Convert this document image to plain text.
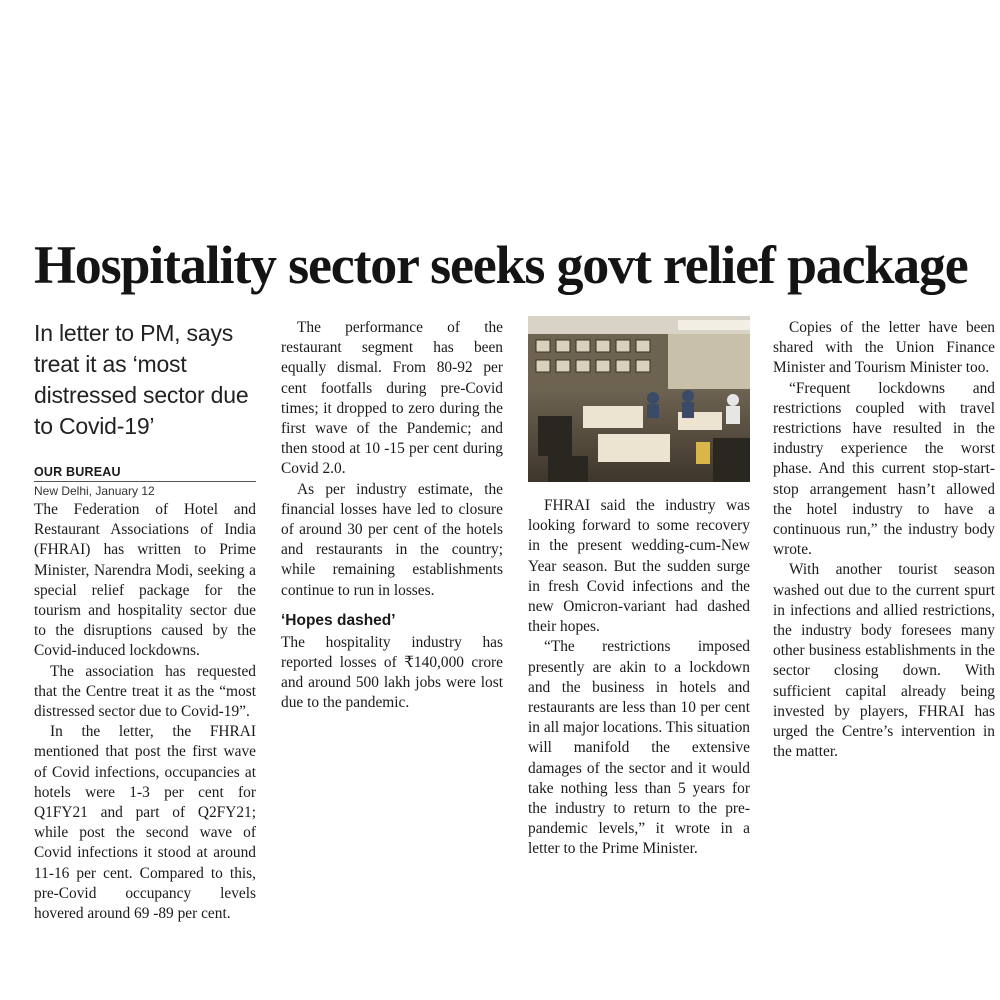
Hospitality sector seeks govt relief package
In letter to PM, says treat it as ‘most distressed sector due to Covid-19’
OUR BUREAU
New Delhi, January 12

The Federation of Hotel and Restaurant Associations of India (FHRAI) has written to Prime Minister, Narendra Modi, seeking a special relief package for the tourism and hospitality sector due to the disruptions caused by the Covid-induced lockdowns.

The association has requested that the Centre treat it as the “most distressed sector due to Covid-19”.

In the letter, the FHRAI mentioned that post the first wave of Covid infections, occupancies at hotels were 1-3 per cent for Q1FY21 and part of Q2FY21; while post the second wave of Covid infections it stood at around 11-16 per cent. Compared to this, pre-Covid occupancy levels hovered around 69 -89 per cent.

The performance of the restaurant segment has been equally dismal. From 80-92 per cent footfalls during pre-Covid times; it dropped to zero during the first wave of the Pandemic; and then stood at 10 -15 per cent during Covid 2.0.

As per industry estimate, the financial losses have led to closure of around 30 per cent of the hotels and restaurants in the country; while remaining establishments continue to run in losses.

‘Hopes dashed’

The hospitality industry has reported losses of ₹140,000 crore and around 500 lakh jobs were lost due to the pandemic.

FHRAI said the industry was looking forward to some recovery in the present wedding-cum-New Year season. But the sudden surge in fresh Covid infections and the new Omicron-variant had dashed their hopes.

“The restrictions imposed presently are akin to a lockdown and the business in hotels and restaurants are less than 10 per cent in all major locations. This situation will manifold the extensive damages of the sector and it would take nothing less than 5 years for the industry to return to the pre-pandemic levels,” it wrote in a letter to the Prime Minister.

Copies of the letter have been shared with the Union Finance Minister and Tourism Minister too.

“Frequent lockdowns and restrictions coupled with travel restrictions have resulted in the industry experience the worst phase. And this current stop-start-stop arrangement hasn’t allowed the hotel industry to have a continuous run,” the industry body wrote.

With another tourist season washed out due to the current spurt in infections and allied restrictions, the industry body foresees many other business establishments in the sector closing down. With sufficient capital already being invested by players, FHRAI has urged the Centre’s intervention in the matter.
